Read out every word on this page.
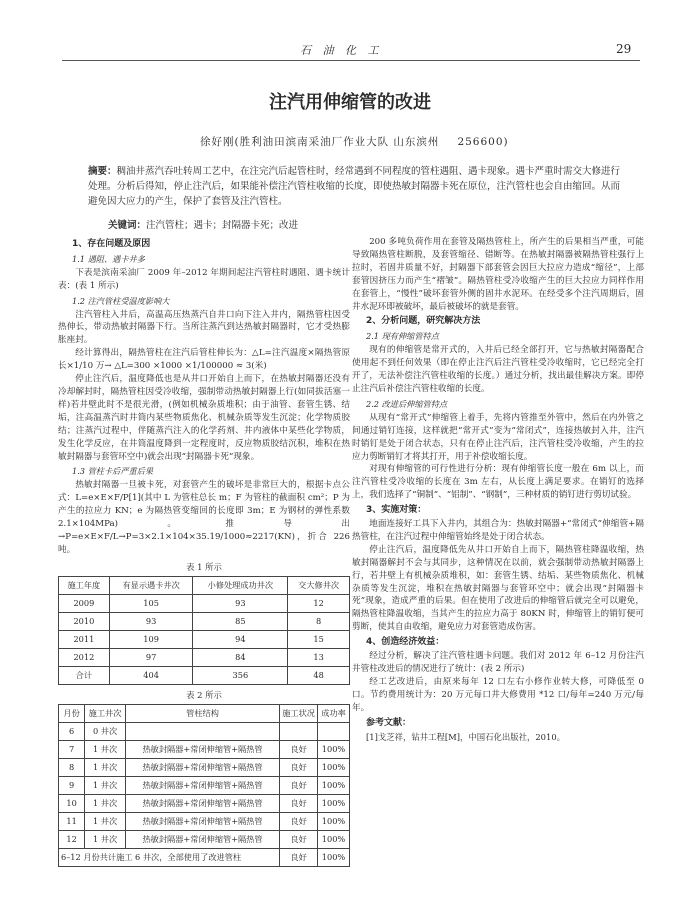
石 油 化 工	29
注汽用伸缩管的改进
徐好刚(胜利油田滨南采油厂作业大队 山东滨州 256600)
摘要：稠油井蒸汽吞吐转周工艺中，在注完汽后起管柱时，经常遇到不同程度的管柱遇阻、遇卡现象。遇卡严重时需交大修进行处理。分析后得知，停止注汽后，如果能补偿注汽管柱收缩的长度，即使热敏封隔器卡死在原位，注汽管柱也会自由缩回。从而避免因大应力的产生，保护了套管及注汽管柱。
关键词：注汽管柱；遇卡；封隔器卡死；改进
1、存在问题及原因
1.1 遇阻、遇卡井多

下表是滨南采油厂 2009 年–2012 年期间起注汽管柱时遇阻、遇卡统计表：(表 1 所示)

1.2 注汽管柱受温度影响大

注汽管柱入井后，高温高压热蒸汽自井口向下注入井内，隔热管柱因受热伸长，带动热敏封隔器下行。当所注蒸汽到达热敏封隔器时，它才受热膨胀座封。

经计算得出，隔热管柱在注汽后管柱伸长为：△L=注汽温度×隔热管原长×1/10 万→ △L=300 ×1000 ×1/100000 ≈ 3(米)

停止注汽后，温度降低也是从井口开始自上而下，在热敏封隔器还没有冷却解封时，隔热管柱因受冷收缩，强制带动热敏封隔器上行(如同拔活塞一样)若井壁此时不是很光滑，(例如机械杂质堆积；由于油管、套管生锈、结垢，注高温蒸汽时井筒内某些物质焦化、机械杂质等发生沉淀；化学物质胶结；注蒸汽过程中，伴随蒸汽注入的化学药剂、井内液体中某些化学物质，发生化学反应，在井筒温度降到一定程度时，反应物质胶结沉积，堆积在热敏封隔器与套管环空中)就会出现“封隔器卡死”现象。

1.3 管柱卡后严重后果

热敏封隔器一旦被卡死，对套管产生的破坏是非常巨大的，根据卡点公式：L=e×E×F/P[1](其中 L 为管柱总长 m；F 为管柱的截面积 cm²；P 为产生的拉应力 KN；e 为隔热管变缩回的长度即 3m；E 为钢材的弹性系数 2.1×104MPa)。推导出→P=e×E×F/L→P=3×2.1×104×35.19/1000≈2217(KN)，折合 226 吨。

表 1 所示
施工年度	有显示遇卡井次	小修处理成功井次	交大修井次
2009	105	93	12
2010	93	85	8
2011	109	94	15
2012	97	84	13
合计	404	356	48
表 2 所示
月份	施工井次	管柱结构	施工状况	成功率
6	0 井次			
7	1 井次	热敏封隔器+常闭伸缩管+隔热管	良好	100%
8	1 井次	热敏封隔器+常闭伸缩管+隔热管	良好	100%
9	1 井次	热敏封隔器+常闭伸缩管+隔热管	良好	100%
10	1 井次	热敏封隔器+常闭伸缩管+隔热管	良好	100%
11	1 井次	热敏封隔器+常闭伸缩管+隔热管	良好	100%
12	1 井次	热敏封隔器+常闭伸缩管+隔热管	良好	100%
6–12 月份共计施工 6 井次，全部使用了改进管柱			良好	100%

200 多吨负荷作用在套管及隔热管柱上，所产生的后果相当严重，可能导致隔热管柱断脱，及套管缩径、错断等。在热敏封隔器被隔热管柱强行上拉时，若固井质量不好，封隔器下部套管会因巨大拉应力造成“缩径”，上部套管因挤压力而产生“褶皱”。隔热管柱受冷收缩产生的巨大拉应力同样作用在套管上，“慢性”破坏套管外侧的固井水泥环。在经受多个注汽周期后，固井水泥环即被破坏，最后被破坏的就是套管。

2、分析问题，研究解决方法
2.1 现有伸缩管特点

现有的伸缩管是常开式的，入井后已经全部打开，它与热敏封隔器配合使用起不到任何效果（即在停止注汽后注汽管柱受冷收缩时，它已经完全打开了，无法补偿注汽管柱收缩的长度。）通过分析，找出最佳解决方案。即停止注汽后补偿注汽管柱收缩的长度。

2.2 改进后伸缩管特点

从现有“常开式”伸缩管上着手，先将内管推至外管中，然后在内外管之间通过销钉连接，这样就把“常开式”变为“常闭式”，连接热敏封入井，注汽时销钉是处于闭合状态，只有在停止注汽后，注汽管柱受冷收缩，产生的拉应力剪断销钉才将其打开，用于补偿收缩长度。

对现有伸缩管的可行性进行分析：现有伸缩管长度一般在 6m 以上，而注汽管柱受冷收缩的长度在 3m 左右，从长度上满足要求。在销钉的选择上，我们选择了“铜制”、“铝制”、“钢制”，三种材质的销钉进行剪切试验。

3、实施对策：

地面连接好工具下入井内，其组合为：热敏封隔器+“常闭式”伸缩管+隔热管柱，在注汽过程中伸缩管始终是处于闭合状态。

停止注汽后，温度降低先从井口开始自上而下，隔热管柱降温收缩，热敏封隔器解封不会与其同步，这种情况在以前，就会强制带动热敏封隔器上行，若井壁上有机械杂质堆积，如：套管生锈、结垢、某些物质焦化、机械杂质等发生沉淀，堆积在热敏封隔器与套管环空中；就会出现“封隔器卡死”现象，造成严重的后果。但在使用了改进后的伸缩管后就完全可以避免，隔热管柱降温收缩，当其产生的拉应力高于 80KN 时，伸缩管上的销钉便可剪断，使其自由收缩，避免应力对套管造成伤害。

4、创造经济效益：

经过分析，解决了注汽管柱遇卡问题。我们对 2012 年 6–12 月份注汽井管柱改进后的情况进行了统计：(表 2 所示)

经工艺改进后，由原来每年 12 口左右小修作业转大修，可降低至 0 口。节约费用统计为：20 万元每口井大修费用 *12 口/每年=240 万元/每年。

参考文献：
[1]戈芝祥，钻井工程[M]，中国石化出版社，2010。
